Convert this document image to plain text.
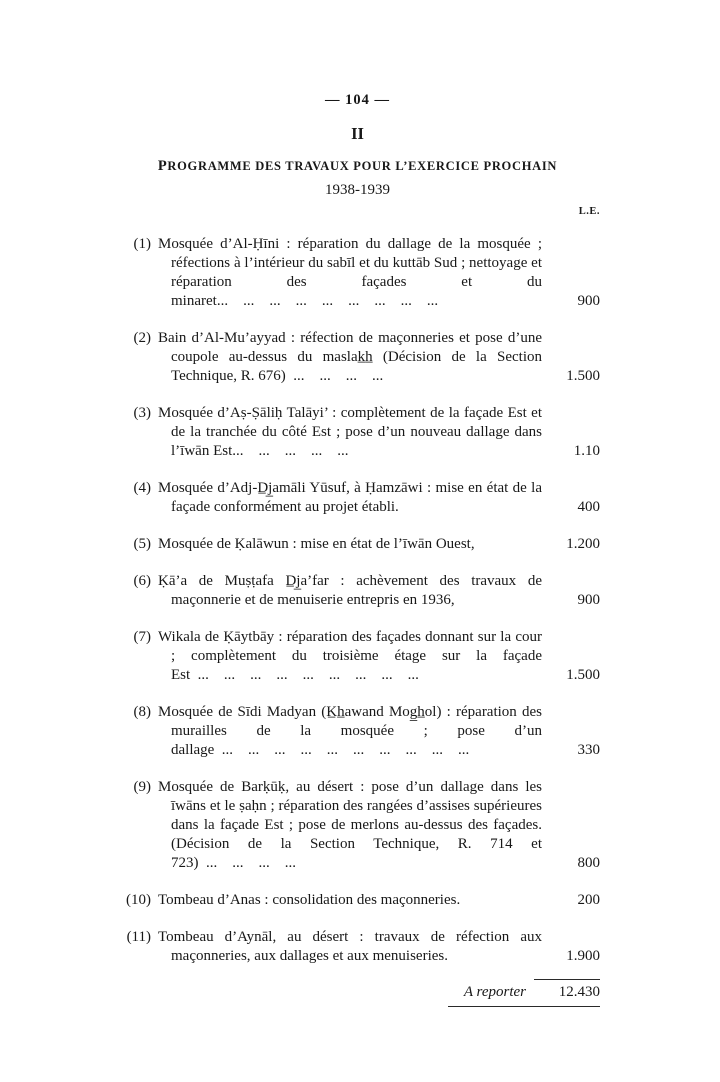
— 104 —
II
PROGRAMME DES TRAVAUX POUR L’EXERCICE PROCHAIN
1938-1939
L.E.
(1) Mosquée d’Al-Ḥīni : réparation du dallage de la mosquée ; réfections à l’intérieur du sabīl et du kuttāb Sud ; nettoyage et réparation des façades et du minaret... ... ... ... ... ... ... ... ...	900
(2) Bain d’Al-Mu’ayyad : réfection de maçonneries et pose d’une coupole au-dessus du maslak̲h̲ (Décision de la Section Technique, R. 676) ... ... ... ...	1.500
(3) Mosquée d’Aṣ-Ṣāliḥ Talāyi’ : complètement de la façade Est et de la tranchée du côté Est ; pose d’un nouveau dallage dans l’īwān Est... ... ... ... ...	1.10
(4) Mosquée d’Adj-D̲j̲amāli Yūsuf, à Ḥamzāwi : mise en état de la façade conformément au projet établi.	400
(5) Mosquée de Ḳalāwun : mise en état de l’īwān Ouest,	1.200
(6) Ḳā’a de Muṣṭafa D̲j̲a’far : achèvement des travaux de maçonnerie et de menuiserie entrepris en 1936,	900
(7) Wikala de Ḳāytbāy : réparation des façades donnant sur la cour ; complètement du troisième étage sur la façade Est ... ... ... ... ... ... ... ... ...	1.500
(8) Mosquée de Sīdi Madyan (K̲h̲awand Mog̲h̲ol) : réparation des murailles de la mosquée ; pose d’un dallage ... ... ... ... ... ... ... ... ... ...	330
(9) Mosquée de Barḳūḳ, au désert : pose d’un dallage dans les īwāns et le ṣaḥn ; réparation des rangées d’assises supérieures dans la façade Est ; pose de merlons au-dessus des façades. (Décision de la Section Technique, R. 714 et 723) ... ... ... ...	800
(10) Tombeau d’Anas : consolidation des maçonneries.	200
(11) Tombeau d’Aynāl, au désert : travaux de réfection aux maçonneries, aux dallages et aux menuiseries.	1.900
A reporter	12.430
